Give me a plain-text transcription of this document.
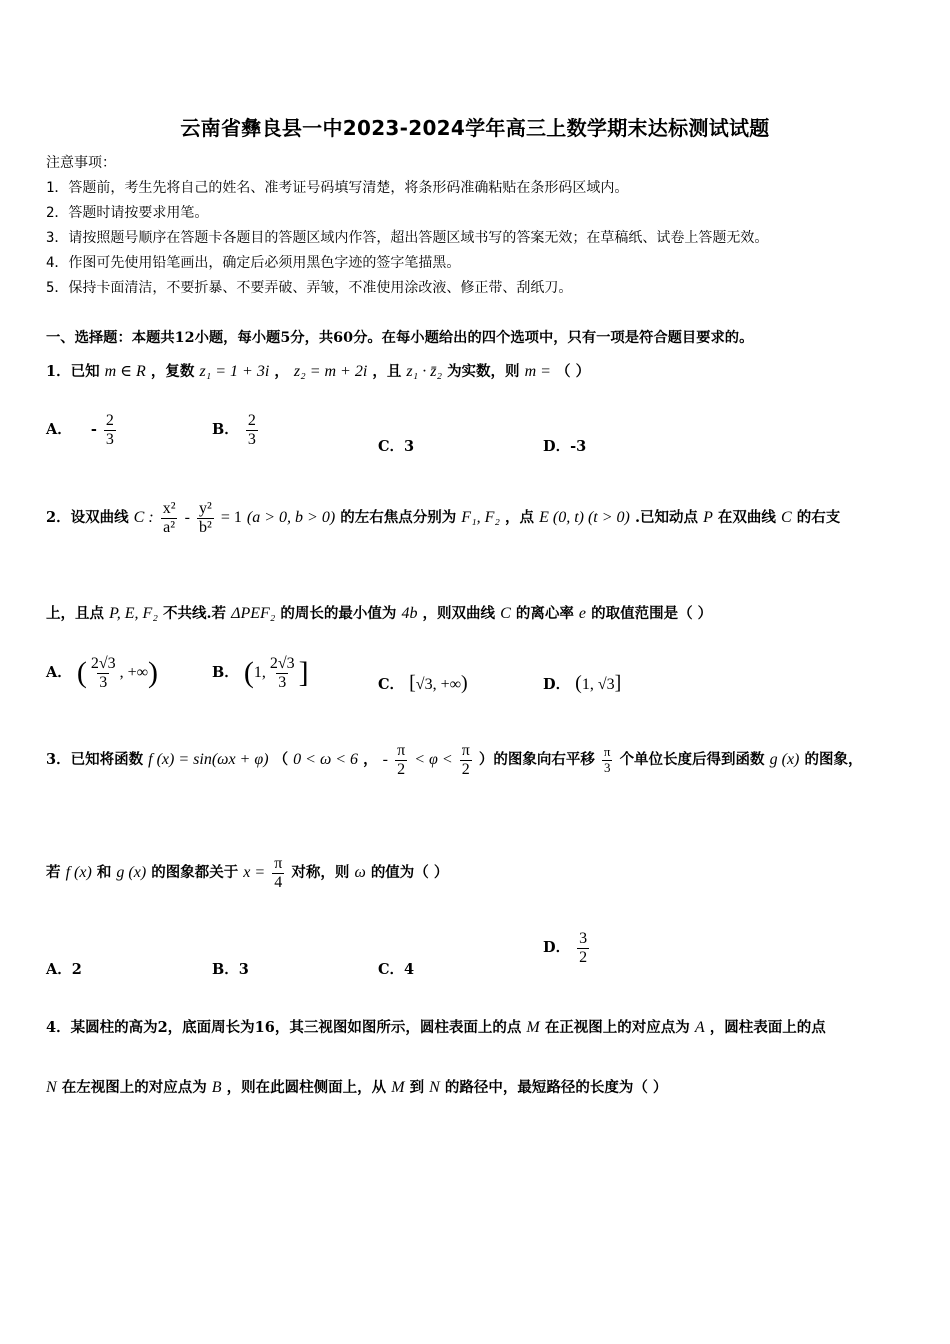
云南省彝良县一中2023-2024学年高三上数学期末达标测试试题
注意事项：
1．答题前，考生先将自己的姓名、准考证号码填写清楚，将条形码准确粘贴在条形码区域内。
2．答题时请按要求用笔。
3．请按照题号顺序在答题卡各题目的答题区域内作答，超出答题区域书写的答案无效；在草稿纸、试卷上答题无效。
4．作图可先使用铅笔画出，确定后必须用黑色字迹的签字笔描黑。
5．保持卡面清洁，不要折暴、不要弄破、弄皱，不准使用涂改液、修正带、刮纸刀。
一、选择题：本题共12小题，每小题5分，共60分。在每小题给出的四个选项中，只有一项是符合题目要求的。
1．已知 m ∈ R ，复数 z₁ = 1 + 3i ， z₂ = m + 2i ，且 z₁ · z̄₂ 为实数，则 m = （ ）
A． - $\frac{2}{3}$	B． $\frac{2}{3}$	C．3	D．-3
2．设双曲线 C : $\frac{\text{x²}}{\text{a²}} - \frac{\text{y²}}{\text{b²}} = 1$ (a > 0, b > 0) 的左右焦点分别为 F₁, F₂ ，点 E (0, t) (t > 0) .已知动点 P 在双曲线 C 的右支
上，且点 P, E, F₂ 不共线.若 ΔPEF₂ 的周长的最小值为 4b ，则双曲线 C 的离心率 e 的取值范围是（ ）
A． ( $\frac{2√3}{3}$ , +∞)	B． (1, $\frac{2√3}{3}$ ]	C． [√3, +∞)	D． (1, √3]
3．已知将函数 f (x) = sin(ωx + φ) （ 0 < ω < 6 ， - $\frac{\pi}{2} < \varphi < \frac{\pi}{2}$ ）的图象向右平移 $\frac{\pi}{3}$ 个单位长度后得到函数 g (x) 的图象，
若 f (x) 和 g (x) 的图象都关于 $x = \frac{\pi}{4}$ 对称，则 ω 的值为（ ）
A．2	B．3	C．4
D． $\frac{3}{2}$
4．某圆柱的高为2，底面周长为16，其三视图如图所示，圆柱表面上的点 M 在正视图上的对应点为 A ，圆柱表面上的点
N 在左视图上的对应点为 B ，则在此圆柱侧面上，从 M 到 N 的路径中，最短路径的长度为（ ）
